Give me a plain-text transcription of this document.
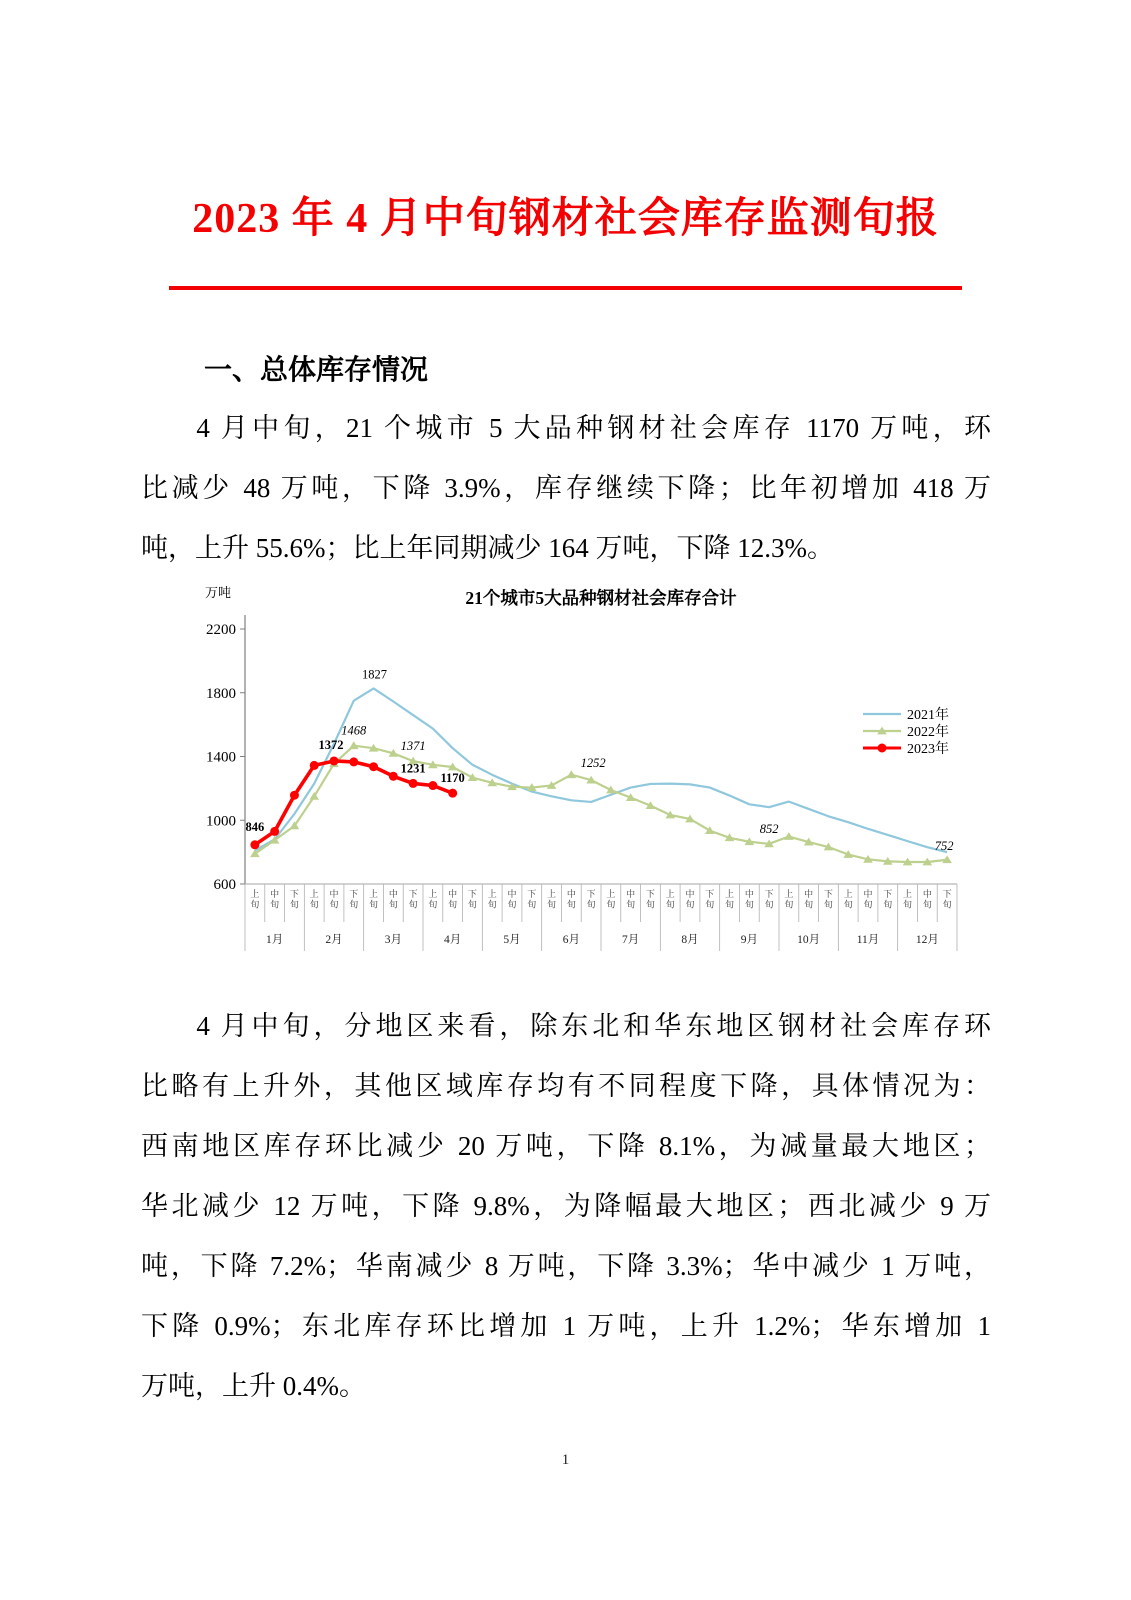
2023 年 4 月中旬钢材社会库存监测旬报
一、总体库存情况
4 月中旬，21 个城市 5 大品种钢材社会库存 1170 万吨，环
比减少 48 万吨，下降 3.9%，库存继续下降；比年初增加 418 万
吨，上升 55.6%；比上年同期减少 164 万吨，下降 12.3%。
21个城市5大品种钢材社会库存合计
万吨
600
1000
1400
1800
2200
上旬
中旬
下旬
上旬
中旬
下旬
上旬
中旬
下旬
上旬
中旬
下旬
上旬
中旬
下旬
上旬
中旬
下旬
上旬
中旬
下旬
上旬
中旬
下旬
上旬
中旬
下旬
上旬
中旬
下旬
上旬
中旬
下旬
上旬
中旬
下旬
1月	2月	3月	4月	5月	6月	7月	8月	9月	10月	11月	12月
1827
1468
1371
1252
852
752
846
1372
1231
1170
2021年
2022年
2023年
4 月中旬，分地区来看，除东北和华东地区钢材社会库存环
比略有上升外，其他区域库存均有不同程度下降，具体情况为：
西南地区库存环比减少 20 万吨，下降 8.1%，为减量最大地区；
华北减少 12 万吨，下降 9.8%，为降幅最大地区；西北减少 9 万
吨，下降 7.2%；华南减少 8 万吨，下降 3.3%；华中减少 1 万吨，
下降 0.9%；东北库存环比增加 1 万吨，上升 1.2%；华东增加 1
万吨，上升 0.4%。
1
